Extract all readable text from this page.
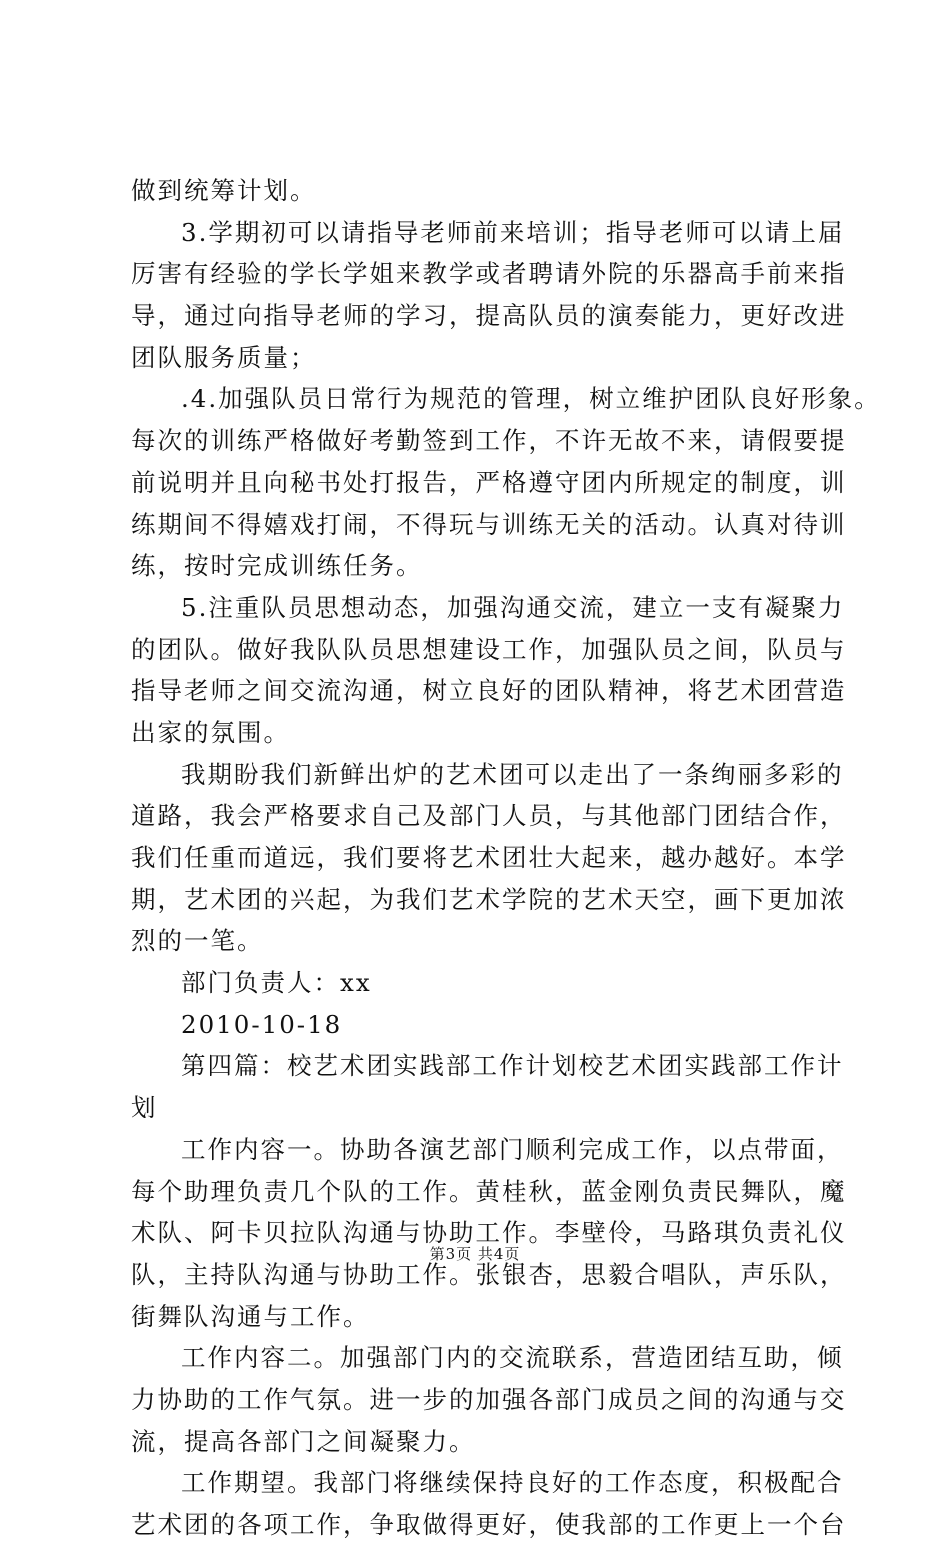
做到统筹计划。
3.学期初可以请指导老师前来培训；指导老师可以请上届
厉害有经验的学长学姐来教学或者聘请外院的乐器高手前来指
导，通过向指导老师的学习，提高队员的演奏能力，更好改进
团队服务质量；
.4.加强队员日常行为规范的管理，树立维护团队良好形象。
每次的训练严格做好考勤签到工作，不许无故不来，请假要提
前说明并且向秘书处打报告，严格遵守团内所规定的制度，训
练期间不得嬉戏打闹，不得玩与训练无关的活动。认真对待训
练，按时完成训练任务。
5.注重队员思想动态，加强沟通交流，建立一支有凝聚力
的团队。做好我队队员思想建设工作，加强队员之间，队员与
指导老师之间交流沟通，树立良好的团队精神，将艺术团营造
出家的氛围。
我期盼我们新鲜出炉的艺术团可以走出了一条绚丽多彩的
道路，我会严格要求自己及部门人员，与其他部门团结合作，
我们任重而道远，我们要将艺术团壮大起来，越办越好。本学
期，艺术团的兴起，为我们艺术学院的艺术天空，画下更加浓
烈的一笔。
部门负责人：xx
2010-10-18
第四篇：校艺术团实践部工作计划校艺术团实践部工作计
划
工作内容一。协助各演艺部门顺利完成工作，以点带面，
每个助理负责几个队的工作。黄桂秋，蓝金刚负责民舞队，魔
术队、阿卡贝拉队沟通与协助工作。李壁伶，马路琪负责礼仪
队，主持队沟通与协助工作。张银杏，思毅合唱队，声乐队，
街舞队沟通与工作。
工作内容二。加强部门内的交流联系，营造团结互助，倾
力协助的工作气氛。进一步的加强各部门成员之间的沟通与交
流，提高各部门之间凝聚力。
工作期望。我部门将继续保持良好的工作态度，积极配合
艺术团的各项工作，争取做得更好，使我部的工作更上一个台
第3页 共4页
